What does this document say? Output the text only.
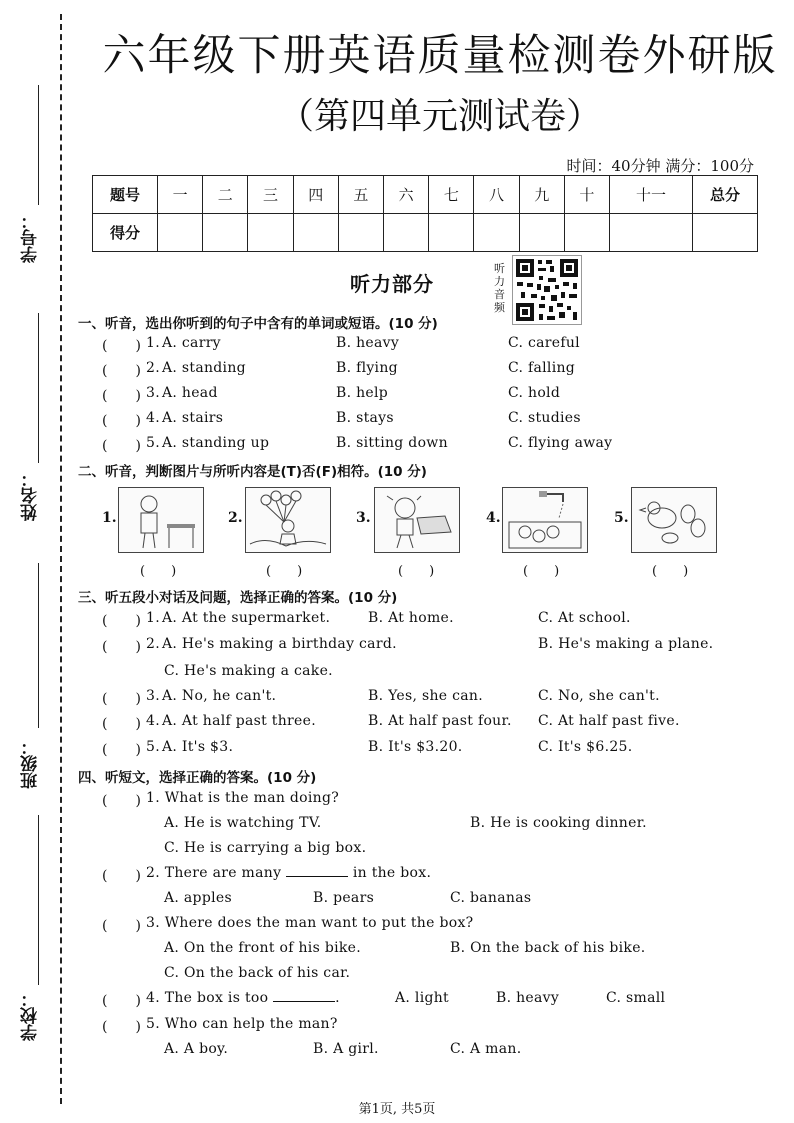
学号：
姓名：
班级：
学校：
六年级下册英语质量检测卷外研版
（第四单元测试卷）
时间：40分钟 满分：100分
题号	一	二	三	四	五	六	七	八	九	十	十一	总分
得分												
听力部分
听力音频
一、听音，选出你听到的句子中含有的单词或短语。(10 分)
(　　) 1. A. carry	B. heavy	C. careful
(　　) 2. A. standing	B. flying	C. falling
(　　) 3. A. head	B. help	C. hold
(　　) 4. A. stairs	B. stays	C. studies
(　　) 5. A. standing up	B. sitting down	C. flying away
二、听音，判断图片与所听内容是(T)否(F)相符。(10 分)
1.	2.	3.	4.	5.
(　　)	(　　)	(　　)	(　　)	(　　)
三、听五段小对话及问题，选择正确的答案。(10 分)
(　　) 1. A. At the supermarket.	B. At home.	C. At school.
(　　) 2. A. He's making a birthday card.	B. He's making a plane.
C. He's making a cake.
(　　) 3. A. No, he can't.	B. Yes, she can.	C. No, she can't.
(　　) 4. A. At half past three.	B. At half past four. C. At half past five.
(　　) 5. A. It's $3.	B. It's $3.20.	C. It's $6.25.
四、听短文，选择正确的答案。(10 分)
(　　) 1. What is the man doing?
A. He is watching TV.	B. He is cooking dinner.
C. He is carrying a big box.
(　　) 2. There are many	in the box.
A. apples	B. pears	C. bananas
(　　) 3. Where does the man want to put the box?
A. On the front of his bike.	B. On the back of his bike.
C. On the back of his car.
(　　) 4. The box is too	.	A. light	B. heavy	C. small
(　　) 5. Who can help the man?
A. A boy.	B. A girl.	C. A man.
第1页, 共5页
